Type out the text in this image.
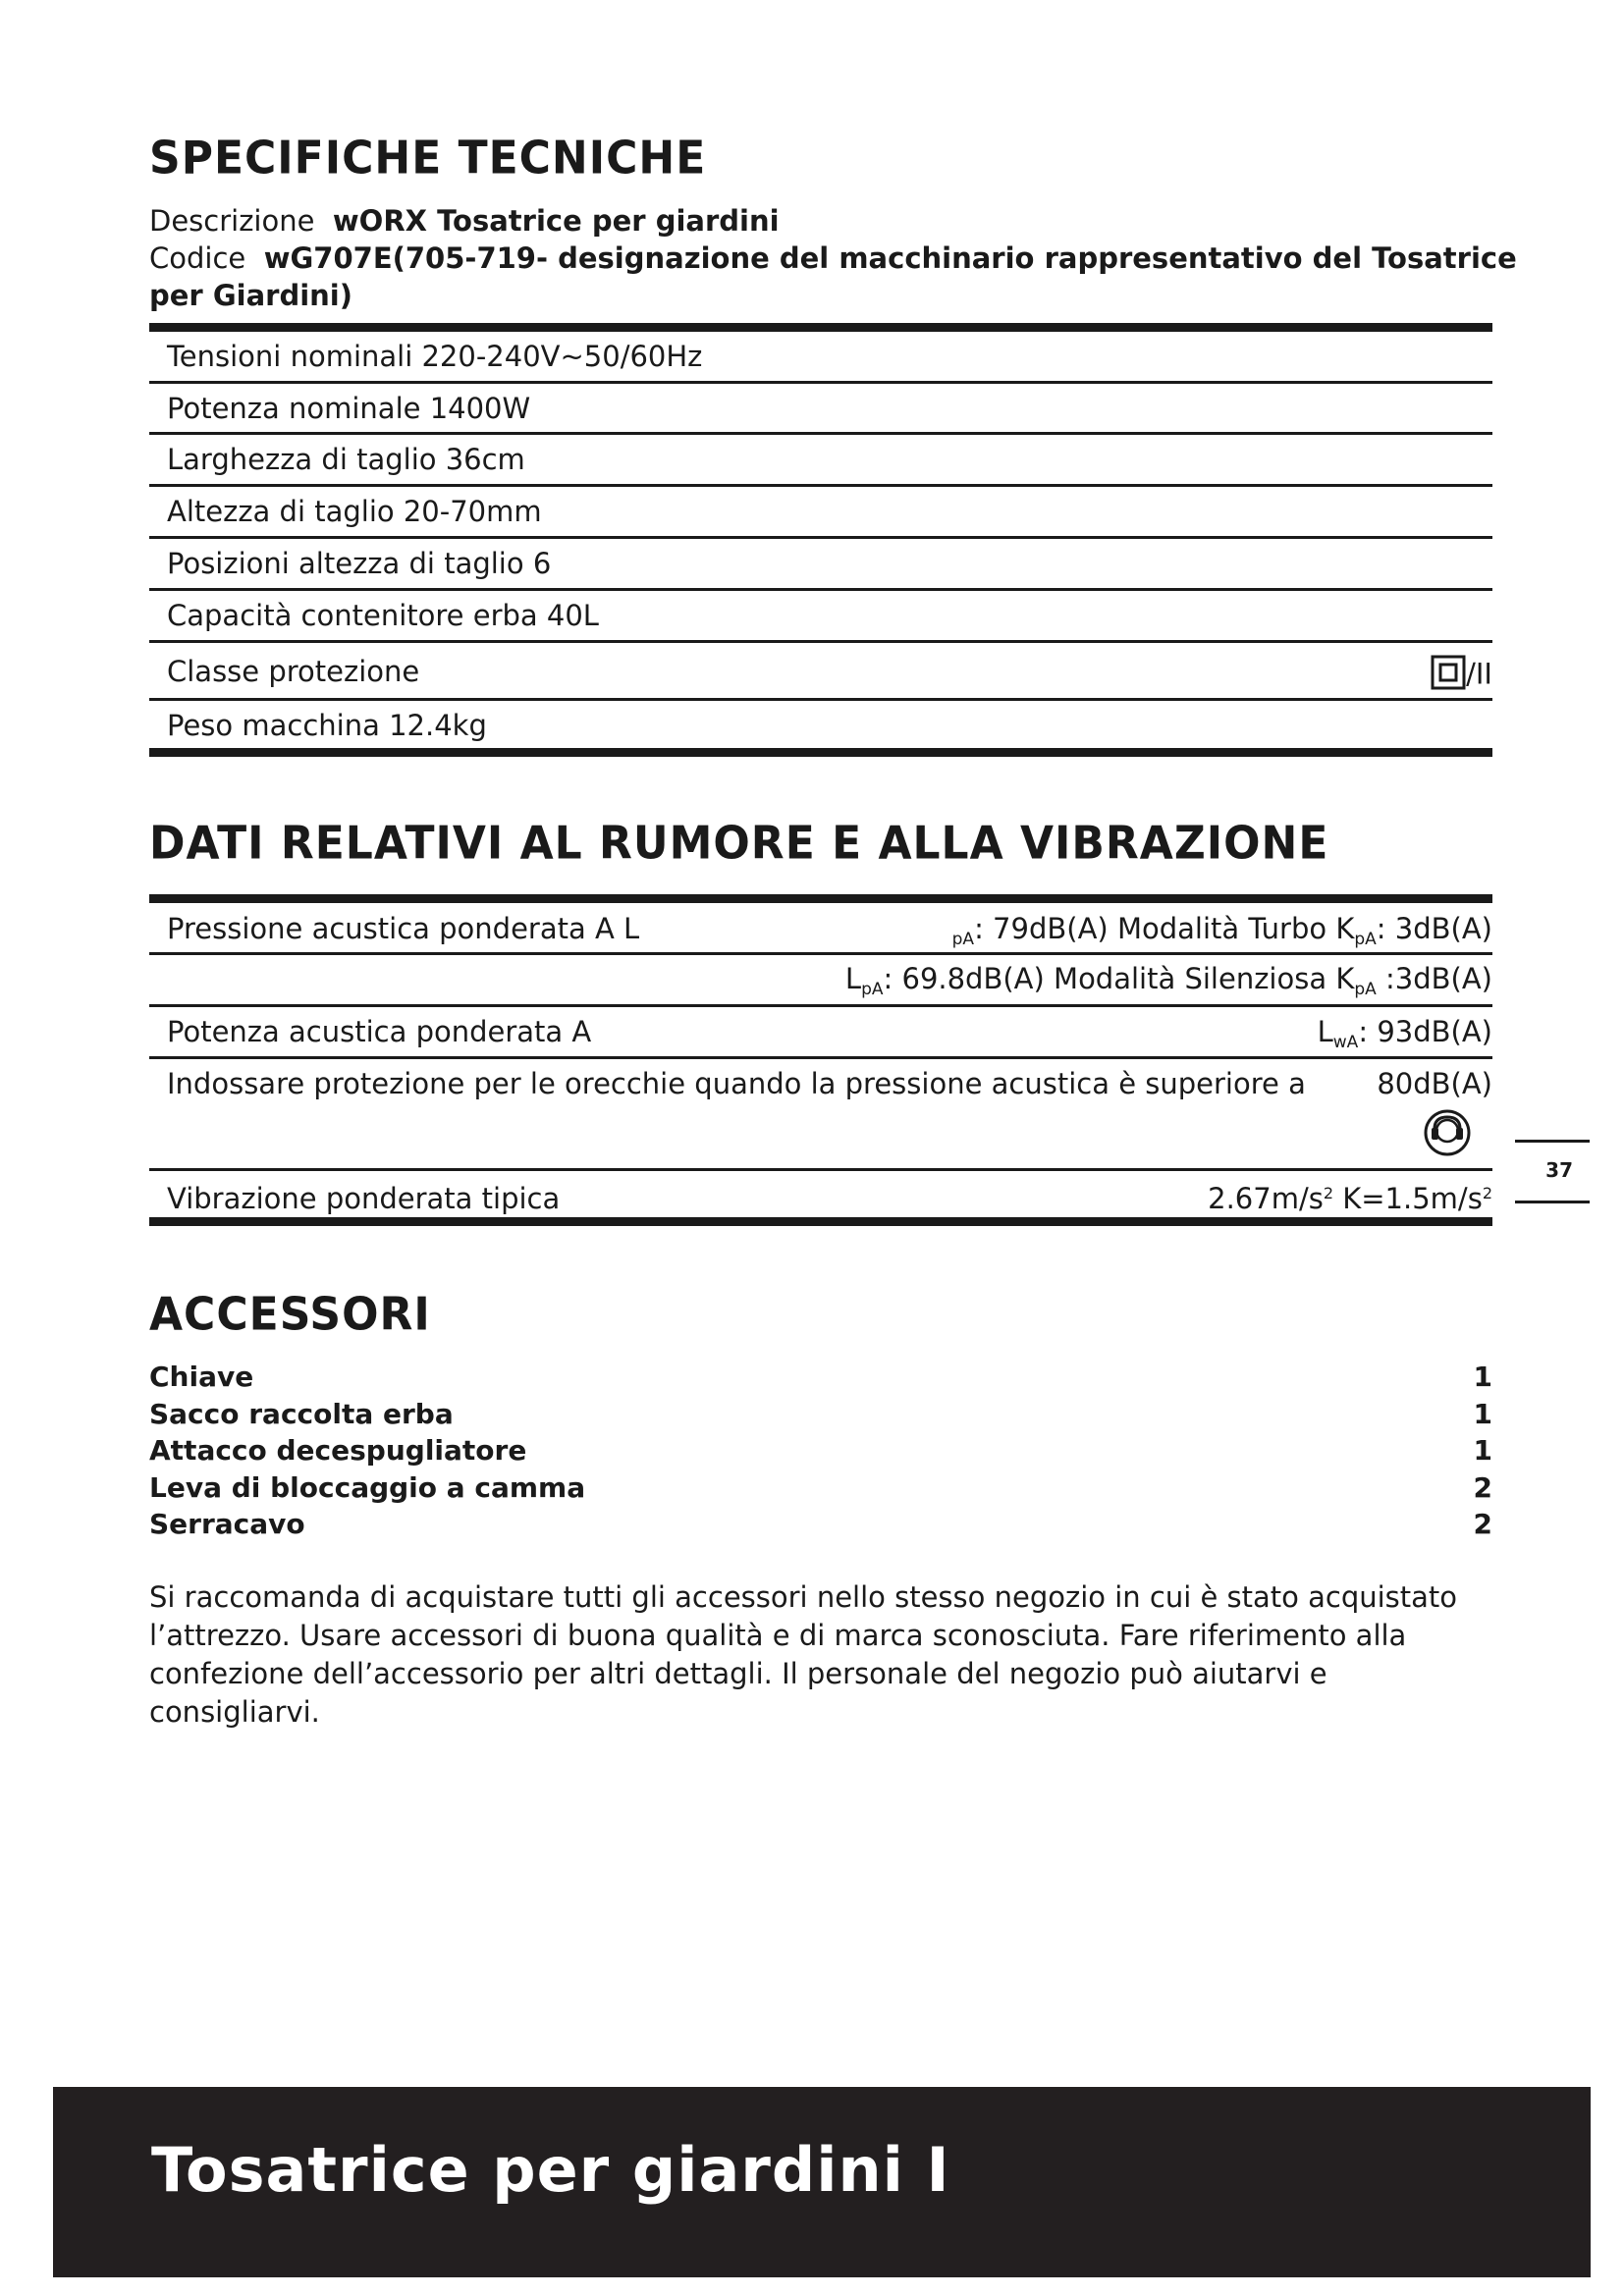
SPECIFICHE TECNICHE
Descrizione wORX Tosatrice per giardini
Codice wG707E(705-719- designazione del macchinario rappresentativo del Tosatrice
per Giardini)
Tensioni nominali 220-240V~50/60Hz
Potenza nominale 1400W
Larghezza di taglio 36cm
Altezza di taglio 20-70mm
Posizioni altezza di taglio 6
Capacità contenitore erba 40L
Classe protezione	/II
Peso macchina 12.4kg
DATI RELATIVI AL RUMORE E ALLA VIBRAZIONE
Pressione acustica ponderata A L	$_{pA}$: 79dB(A) Modalità Turbo $K_{pA}$: 3dB(A)
$L_{pA}$: 69.8dB(A) Modalità Silenziosa $K_{pA}$ :3dB(A)
Potenza acustica ponderata A	$L_{wA}$: 93dB(A)
Indossare protezione per le orecchie quando la pressione acustica è superiore a 80dB(A)
Vibrazione ponderata tipica	$2.67m/s^2$ $K=1.5m/s^2$
37
ACCESSORI
Chiave	1
Sacco raccolta erba	1
Attacco decespugliatore	1
Leva di bloccaggio a camma	2
Serracavo	2
Si raccomanda di acquistare tutti gli accessori nello stesso negozio in cui è stato acquistato
l’attrezzo. Usare accessori di buona qualità e di marca sconosciuta. Fare riferimento alla
confezione dell’accessorio per altri dettagli. Il personale del negozio può aiutarvi e consigliarvi.
Tosatrice per giardini I
